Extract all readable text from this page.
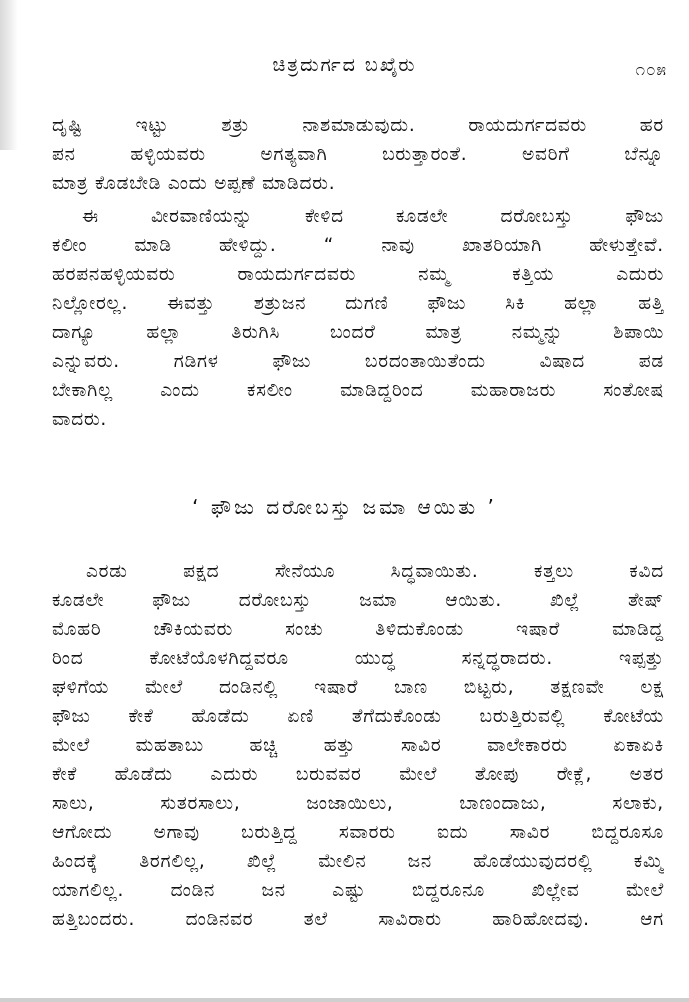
ಚಿತ್ರದುರ್ಗದ ಬಖೈರು	೧೦೫
ದೃಷ್ಟಿ ಇಟ್ಟು ಶತ್ರು ನಾಶಮಾಡುವುದು. ರಾಯದುರ್ಗದವರು ಹರ
ಪನ ಹಳ್ಳಿಯವರು ಅಗತ್ಯವಾಗಿ ಬರುತ್ತಾರಂತೆ. ಅವರಿಗೆ ಬೆನ್ನೂ
ಮಾತ್ರ ಕೊಡಬೇಡಿ ಎಂದು ಅಪ್ಪಣೆ ಮಾಡಿದರು.
ಈ ವೀರವಾಣಿಯನ್ನು ಕೇಳಿದ ಕೂಡಲೇ ದರೋಬಸ್ತು ಫೌಜು
ಕಲೀಂ ಮಾಡಿ ಹೇಳಿದ್ದು. “ ನಾವು ಖಾತರಿಯಾಗಿ ಹೇಳುತ್ತೇವೆ.
ಹರಪನಹಳ್ಳಿಯವರು ರಾಯದುರ್ಗದವರು ನಮ್ಮ ಕತ್ತಿಯ ಎದುರು
ನಿಲ್ಲೋರಲ್ಲ. ಈವತ್ತು ಶತ್ರುಜನ ದುಗಣಿ ಫೌಜು ಸಿಕಿ ಹಲ್ಲಾ ಹತ್ತಿ
ದಾಗ್ಯೂ ಹಲ್ಲಾ ತಿರುಗಿಸಿ ಬಂದರೆ ಮಾತ್ರ ನಮ್ಮನ್ನು ಶಿಪಾಯಿ
ಎನ್ನುವರು. ಗಡಿಗಳ ಫೌಜು ಬರದಂತಾಯಿತೆಂದು ವಿಷಾದ ಪಡ
ಬೇಕಾಗಿಲ್ಲ ಎಂದು ಕಸಲೀಂ ಮಾಡಿದ್ದರಿಂದ ಮಹಾರಾಜರು ಸಂತೋಷ
ವಾದರು.
‘ ಫೌಜು ದರೋಬಸ್ತು ಜಮಾ ಆಯಿತು ’
ಎರಡು ಪಕ್ಷದ ಸೇನೆಯೂ ಸಿದ್ಧವಾಯಿತು. ಕತ್ತಲು ಕವಿದ
ಕೂಡಲೇ ಫೌಜು ದರೋಬಸ್ತು ಜಮಾ ಆಯಿತು. ಖಿಲ್ಲೆ ತೇಷ್
ಮೊಹರಿ ಚೌಕಿಯವರು ಸಂಚು ತಿಳಿದುಕೊಂಡು ಇಷಾರೆ ಮಾಡಿದ್ದ
ರಿಂದ ಕೋಟೆಯೊಳಗಿದ್ದವರೂ ಯುದ್ಧ ಸನ್ನದ್ಧರಾದರು. ಇಪ್ಪತ್ತು
ಘಳಿಗೆಯ ಮೇಲೆ ದಂಡಿನಲ್ಲಿ ಇಷಾರೆ ಬಾಣ ಬಿಟ್ಟರು, ತಕ್ಷಣವೇ ಲಕ್ಷ
ಫೌಜು ಕೇಕೆ ಹೊಡೆದು ಏಣಿ ತೆಗೆದುಕೊಂಡು ಬರುತ್ತಿರುವಲ್ಲಿ ಕೋಟೆಯ
ಮೇಲೆ ಮಹತಾಬು ಹಚ್ಚಿ ಹತ್ತು ಸಾವಿರ ವಾಲೇಕಾರರು ಏಕಾಏಕಿ
ಕೇಕೆ ಹೊಡೆದು ಎದುರು ಬರುವವರ ಮೇಲೆ ತೋಪು ರೇಕ್ಲೆ, ಅತರ
ಸಾಲು, ಸುತರಸಾಲು, ಜಂಜಾಯಿಲು, ಬಾಣಂದಾಜು, ಸಲಾಕು,
ಆಗೋದು ಅಗಾವು ಬರುತ್ತಿದ್ದ ಸವಾರರು ಐದು ಸಾವಿರ ಬಿದ್ದರೂಸೂ
ಹಿಂದಕ್ಕೆ ತಿರಗಲಿಲ್ಲ, ಖಿಲ್ಲೆ ಮೇಲಿನ ಜನ ಹೊಡೆಯುವುದರಲ್ಲಿ ಕಮ್ಮಿ
ಯಾಗಲಿಲ್ಲ. ದಂಡಿನ ಜನ ಎಷ್ಟು ಬಿದ್ದರೂನೂ ಖಿಲ್ಲೇವ ಮೇಲೆ
ಹತ್ತಿಬಂದರು. ದಂಡಿನವರ ತಲೆ ಸಾವಿರಾರು ಹಾರಿಹೋದವು. ಆಗ
